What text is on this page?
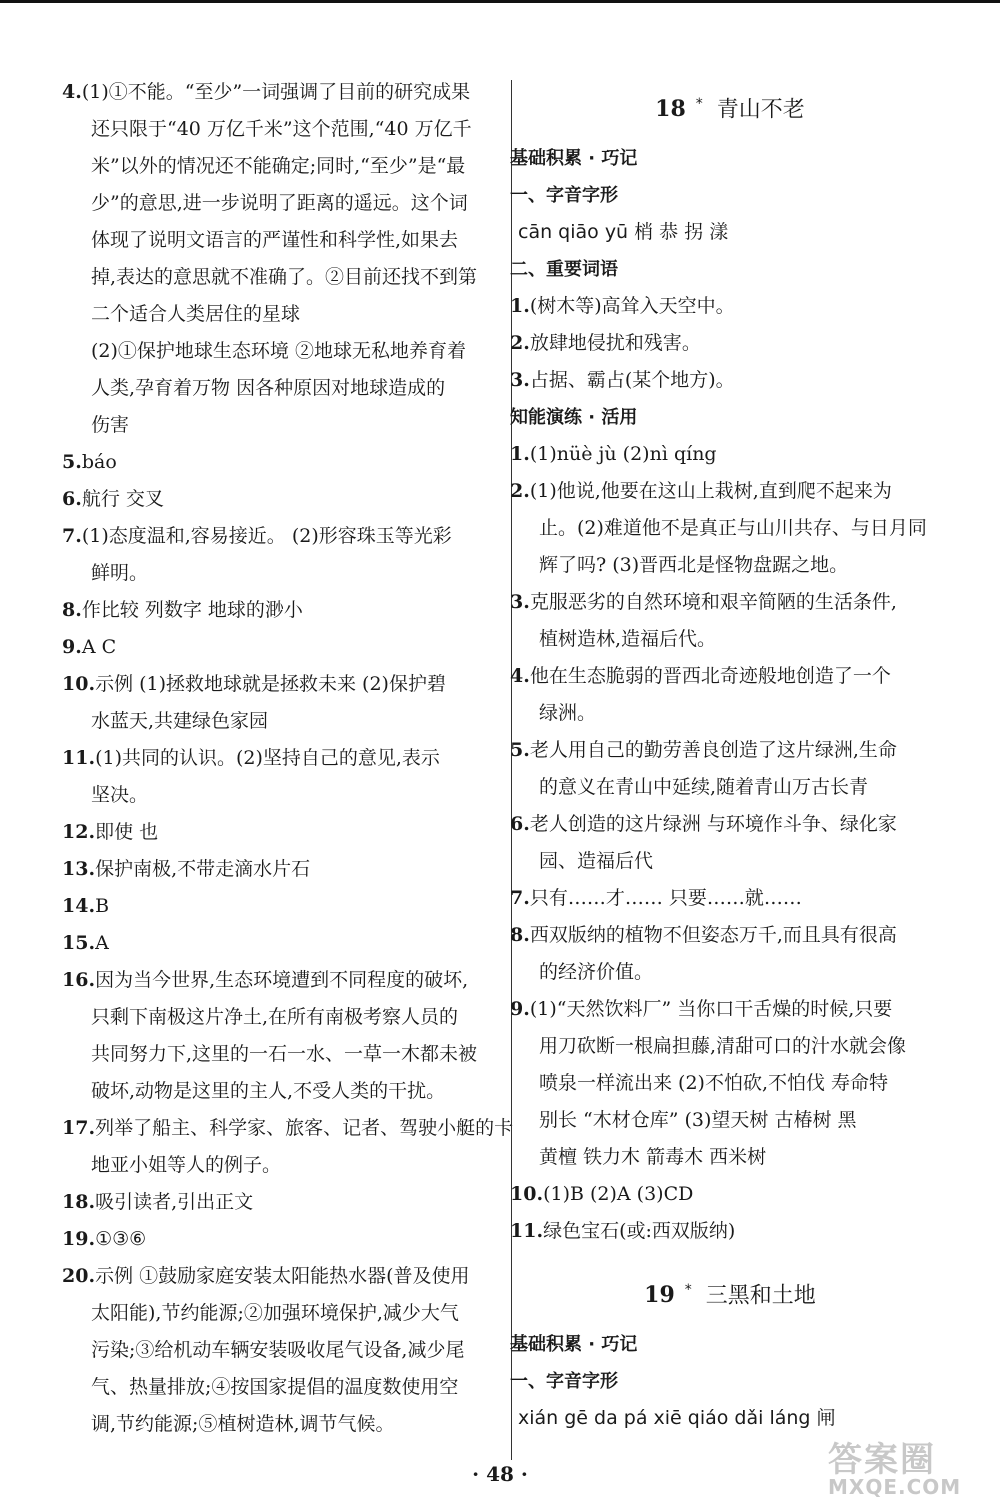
4.(1)①不能。“至少”一词强调了目前的研究成果
还只限于“40 万亿千米”这个范围,“40 万亿千
米”以外的情况还不能确定;同时,“至少”是“最
少”的意思,进一步说明了距离的遥远。这个词
体现了说明文语言的严谨性和科学性,如果去
掉,表达的意思就不准确了。②目前还找不到第
二个适合人类居住的星球
(2)①保护地球生态环境 ②地球无私地养育着
人类,孕育着万物 因各种原因对地球造成的
伤害
5.báo
6.航行 交叉
7.(1)态度温和,容易接近。 (2)形容珠玉等光彩
鲜明。
8.作比较 列数字 地球的渺小
9.A C
10.示例 (1)拯救地球就是拯救未来 (2)保护碧
水蓝天,共建绿色家园
11.(1)共同的认识。(2)坚持自己的意见,表示
坚决。
12.即使 也
13.保护南极,不带走滴水片石
14.B
15.A
16.因为当今世界,生态环境遭到不同程度的破坏,
只剩下南极这片净土,在所有南极考察人员的
共同努力下,这里的一石一水、一草一木都未被
破坏,动物是这里的主人,不受人类的干扰。
17.列举了船主、科学家、旅客、记者、驾驶小艇的卡
地亚小姐等人的例子。
18.吸引读者,引出正文
19.①③⑥
20.示例 ①鼓励家庭安装太阳能热水器(普及使用
太阳能),节约能源;②加强环境保护,减少大气
污染;③给机动车辆安装吸收尾气设备,减少尾
气、热量排放;④按国家提倡的温度数使用空
调,节约能源;⑤植树造林,调节气候。
18 * 青山不老
基础积累 · 巧记
一、字音字形
cān qiāo yū 梢 恭 拐 漾
二、重要词语
1.(树木等)高耸入天空中。
2.放肆地侵扰和残害。
3.占据、霸占(某个地方)。
知能演练 · 活用
1.(1)nüè jù (2)nì qíng
2.(1)他说,他要在这山上栽树,直到爬不起来为
止。(2)难道他不是真正与山川共存、与日月同
辉了吗? (3)晋西北是怪物盘踞之地。
3.克服恶劣的自然环境和艰辛简陋的生活条件,
植树造林,造福后代。
4.他在生态脆弱的晋西北奇迹般地创造了一个
绿洲。
5.老人用自己的勤劳善良创造了这片绿洲,生命
的意义在青山中延续,随着青山万古长青
6.老人创造的这片绿洲 与环境作斗争、绿化家
园、造福后代
7.只有……才…… 只要……就……
8.西双版纳的植物不但姿态万千,而且具有很高
的经济价值。
9.(1)“天然饮料厂” 当你口干舌燥的时候,只要
用刀砍断一根扁担藤,清甜可口的汁水就会像
喷泉一样流出来 (2)不怕砍,不怕伐 寿命特
别长 “木材仓库” (3)望天树 古椿树 黑
黄檀 铁力木 箭毒木 西米树
10.(1)B (2)A (3)CD
11.绿色宝石(或:西双版纳)
19 * 三黑和土地
基础积累 · 巧记
一、字音字形
xián gē da pá xiē qiáo dǎi láng 闸
· 48 ·	答案圈
MXQE.COM
